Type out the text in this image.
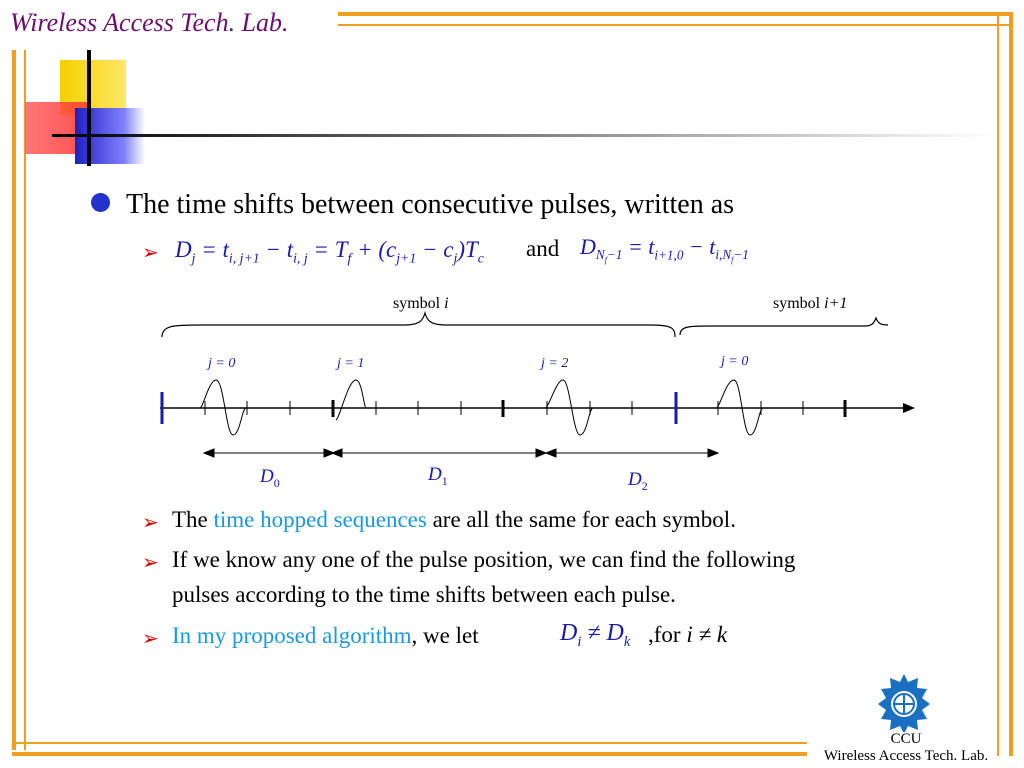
Wireless Access Tech. Lab.
The time shifts between consecutive pulses, written as
➢ $D_j = t_{i, j+1} - t_{i, j} = T_f + (c_{j+1} - c_j)T_c$ and $D_{N_f-1} = t_{i+1,0} - t_{i,N_f-1}$
symbol i	symbol i+1
j = 0	j = 1	j = 2	j = 0
$D_0$	$D_1$	$D_2$
➢ The time hopped sequences are all the same for each symbol.
➢ If we know any one of the pulse position, we can find the following
pulses according to the time shifts between each pulse.
➢ In my proposed algorithm, we let	$D_i \ne D_k$ ,for i ≠ k
CCU
Wireless Access Tech. Lab.
